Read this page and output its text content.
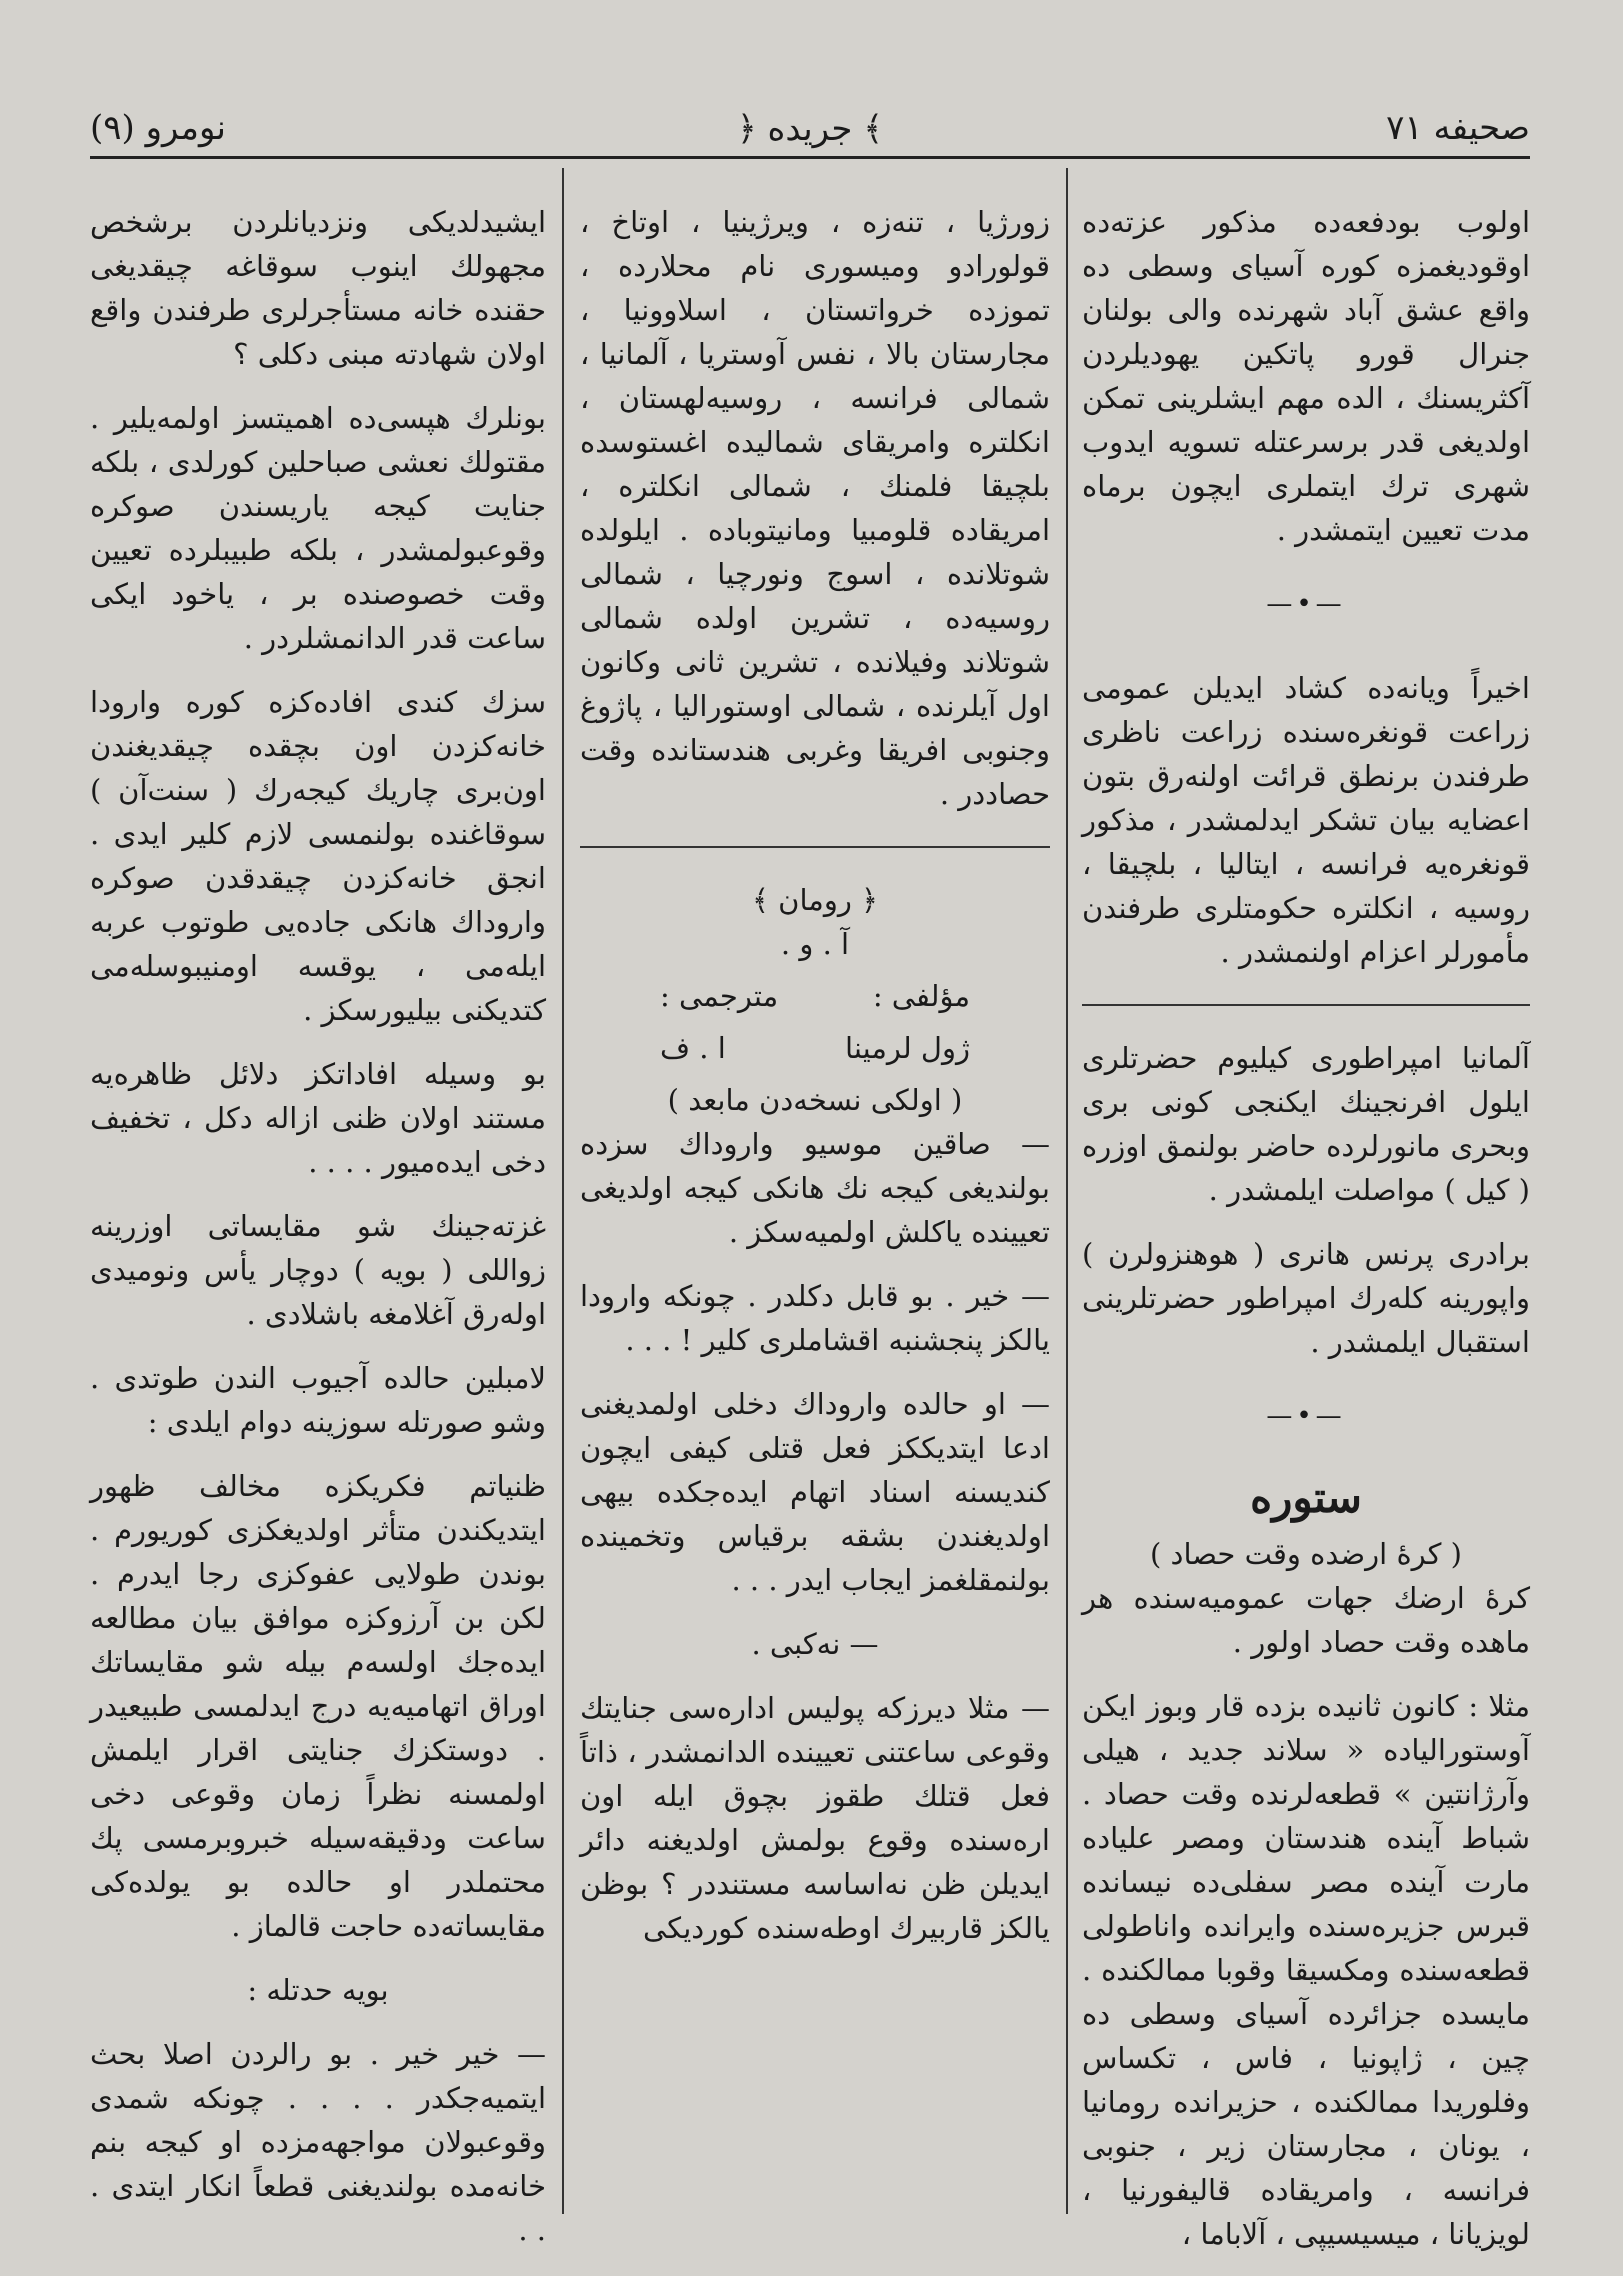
صحیفه ۷۱
﴾ جریده ﴿
نومرو (۹)

اولوب بودفعه‌ده مذکور عزته‌ده اوقودیغمزه کوره آسیای وسطی ده واقع عشق آباد شهرنده والی بولنان جنرال قورو پاتکین یهودیلردن آکثریسنك ، الده مهم ایشلرینی تمکن اولدیغی قدر برسرعتله تسویه ایدوب شهری ترك ایتملری ایچون برماه مدت تعیین ایتمشدر .

—•—

اخیراً ویانه‌ده کشاد ایدیلن عمومی زراعت قونغره‌سنده زراعت ناظری طرفندن برنطق قرائت اولنه‌رق بتون اعضایه بیان تشکر ایدلمشدر ، مذکور قونغره‌یه فرانسه ، ایتالیا ، بلچیقا ، روسیه ، انکلتره حکومتلری طرفندن مأمورلر اعزام اولنمشدر .

آلمانیا امپراطوری کیلیوم حضرتلری ایلول افرنجینك ایکنجی کونی بری وبحری مانورلرده حاضر بولنمق اوزره ( کیل ) مواصلت ایلمشدر .

برادری پرنس هانری ( هوهنزولرن ) واپورینه کله‌رك امپراطور حضرتلرینی استقبال ایلمشدر .

—•—
ستوره
( کرهٔ ارضده وقت حصاد )

کرهٔ ارضك جهات عمومیه‌سنده هر ماهده وقت حصاد اولور .

مثلا : کانون ثانیده بزده قار وبوز ایکن آوستورالیاده « سلاند جدید ، هیلی وآرژانتین » قطعه‌لرنده وقت حصاد . شباط آینده هندستان ومصر علیاده مارت آینده مصر سفلی‌ده نیسانده قبرس جزیره‌سنده وایرانده واناطولی قطعه‌سنده ومکسیقا وقوبا ممالکنده . مایسده جزائرده آسیای وسطی ده چین ، ژاپونیا ، فاس ، تکساس وفلوریدا ممالکنده ، حزیرانده رومانیا ، یونان ، مجارستان زیر ، جنوبی فرانسه ، وامریقاده قالیفورنیا ، لویزیانا ، میسیسیپی ، آلاباما ،

زورژیا ، تنه‌زه ، ویرژینیا ، اوتاخ ، قولورادو ومیسوری نام محلارده ، تموزده خرواتستان ، اسلاوونیا ، مجارستان بالا ، نفس آوستریا ، آلمانیا ، شمالی فرانسه ، روسیه‌لهستان ، انکلتره وامریقای شمالیده اغستوسده بلچیقا فلمنك ، شمالی انکلتره ، امریقاده قلومبیا ومانیتوباده . ایلولده شوتلانده ، اسوج ونورچیا ، شمالی روسیه‌ده ، تشرین اولده شمالی شوتلاند وفیلانده ، تشرین ثانی وکانون اول آیلرنده ، شمالی اوستورالیا ، پاژوغ وجنوبی افریقا وغربی هندستانده وقت حصاددر .

﴿ رومان ﴾
آ . و .
مؤلفی :
مترجمی :
ژول لرمینا
ا . ف
( اولکی نسخه‌دن مابعد )

— صاقین موسیو واروداك سزده بولندیغی کیجه نك هانکی کیجه اولدیغی تعیینده یاکلش اولمیه‌سکز .

— خیر . بو قابل دکلدر . چونکه وارودا یالکز پنجشنبه اقشاملری کلیر ! . . .

— او حالده واروداك دخلی اولمدیغنی ادعا ایتدیککز فعل قتلی کیفی ایچون کندیسنه اسناد اتهام ایده‌جکده بیهی اولدیغندن بشقه برقیاس وتخمینده بولنمقلغمز ایجاب ایدر . . .

— نه‌کبی .

— مثلا دیرزکه پولیس اداره‌سی جنایتك وقوعی ساعتنی تعیینده الدانمشدر ، ذاتاً فعل قتلك طقوز بچوق ایله اون اره‌سنده وقوع بولمش اولدیغنه دائر ایدیلن ظن نه‌اساسه مستنددر ؟ بوظن یالکز قاربیرك اوطه‌سنده کوردیکی

ایشیدلدیکی ونزدیانلردن برشخص مجهولك اینوب سوقاغه چیقدیغی حقنده خانه مستأجرلری طرفندن واقع اولان شهادته مبنی دکلی ؟

بونلرك هپسی‌ده اهمیتسز اولمه‌یلیر . مقتولك نعشی صباحلین کورلدی ، بلکه جنایت کیجه یاریسندن صوکره وقوعبولمشدر ، بلکه طبیبلرده تعیین وقت خصوصنده بر ، یاخود ایکی ساعت قدر الدانمشلردر .

سزك کندی افاده‌کزه کوره وارودا خانه‌کزدن اون بچقده چیقدیغندن اون‌بری چاریك کیجه‌رك ( سنت‌آن ) سوقاغنده بولنمسی لازم کلیر ایدی . انجق خانه‌کزدن چیقدقدن صوکره واروداك هانکی جاده‌یی طوتوب عربه ایله‌می ، یوقسه اومنیبوسله‌می کتدیکنی بیلیورسکز .

بو وسیله افاداتکز دلائل ظاهره‌یه مستند اولان ظنی ازاله دکل ، تخفیف دخی ایده‌میور . . . .

غزته‌جینك شو مقایساتی اوزرینه زواللی ( بویه ) دوچار یأس ونومیدی اوله‌رق آغلامغه باشلادی .

لامبلین حالده آجیوب الندن طوتدی . وشو صورتله سوزینه دوام ایلدی :

ظنیاتم فکریکزه مخالف ظهور ایتدیکندن متأثر اولدیغکزی کوریورم . بوندن طولایی عفوکزی رجا ایدرم . لکن بن آرزوکزه موافق بیان مطالعه ایده‌جك اولسه‌م بیله شو مقایساتك اوراق اتهامیه‌یه درج ایدلمسی طبیعیدر . دوستکزك جنایتی اقرار ایلمش اولمسنه نظراً زمان وقوعی دخی ساعت ودقیقه‌سیله خبروبرمسی پك محتملدر او حالده بو یولده‌کی مقایساته‌ده حاجت قالماز .

بویه حدتله :

— خیر خیر . بو رالردن اصلا بحث ایتمیه‌جکدر . . . . چونکه شمدی وقوعبولان مواجهه‌مزده او کیجه بنم خانه‌مده بولندیغنی قطعاً انکار ایتدی . . .
